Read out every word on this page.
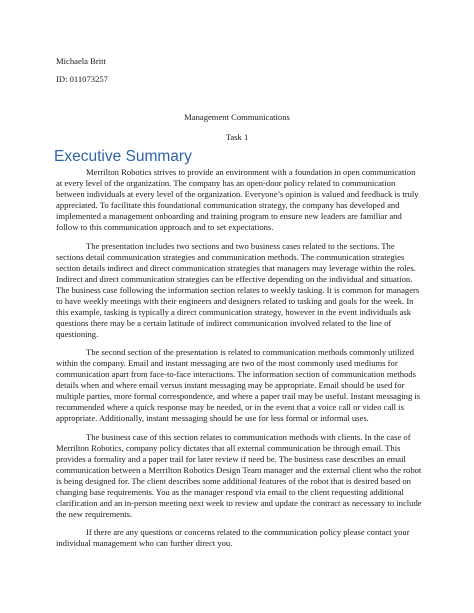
Michaela Britt

ID: 011073257

Management Communications

Task 1

Executive Summary

Merrilton Robotics strives to provide an environment with a foundation in open communication at every level of the organization. The company has an open-door policy related to communication between individuals at every level of the organization. Everyone’s opinion is valued and feedback is truly appreciated. To facilitate this foundational communication strategy, the company has developed and implemented a management onboarding and training program to ensure new leaders are familiar and follow to this communication approach and to set expectations.

The presentation includes two sections and two business cases related to the sections. The sections detail communication strategies and communication methods. The communication strategies section details indirect and direct communication strategies that managers may leverage within the roles. Indirect and direct communication strategies can be effective depending on the individual and situation. The business case following the information section relates to weekly tasking. It is common for managers to have weekly meetings with their engineers and designers related to tasking and goals for the week. In this example, tasking is typically a direct communication strategy, however in the event individuals ask questions there may be a certain latitude of indirect communication involved related to the line of questioning.

The second section of the presentation is related to communication methods commonly utilized within the company. Email and instant messaging are two of the most commonly used mediums for communication apart from face-to-face interactions. The information section of communication methods details when and where email versus instant messaging may be appropriate. Email should be used for multiple parties, more formal correspondence, and where a paper trail may be useful. Instant messaging is recommended where a quick response may be needed, or in the event that a voice call or video call is appropriate. Additionally, instant messaging should be use for less formal or informal uses.

The business case of this section relates to communication methods with clients. In the case of Merrilton Robotics, company policy dictates that all external communication be through email. This provides a formality and a paper trail for later review if need be. The business case describes an email communication between a Merrilton Robotics Design Team manager and the external client who the robot is being designed for. The client describes some additional features of the robot that is desired based on changing base requirements. You as the manager respond via email to the client requesting additional clarification and an in-person meeting next week to review and update the contract as necessary to include the new requirements.

If there are any questions or concerns related to the communication policy please contact your individual management who can further direct you.
